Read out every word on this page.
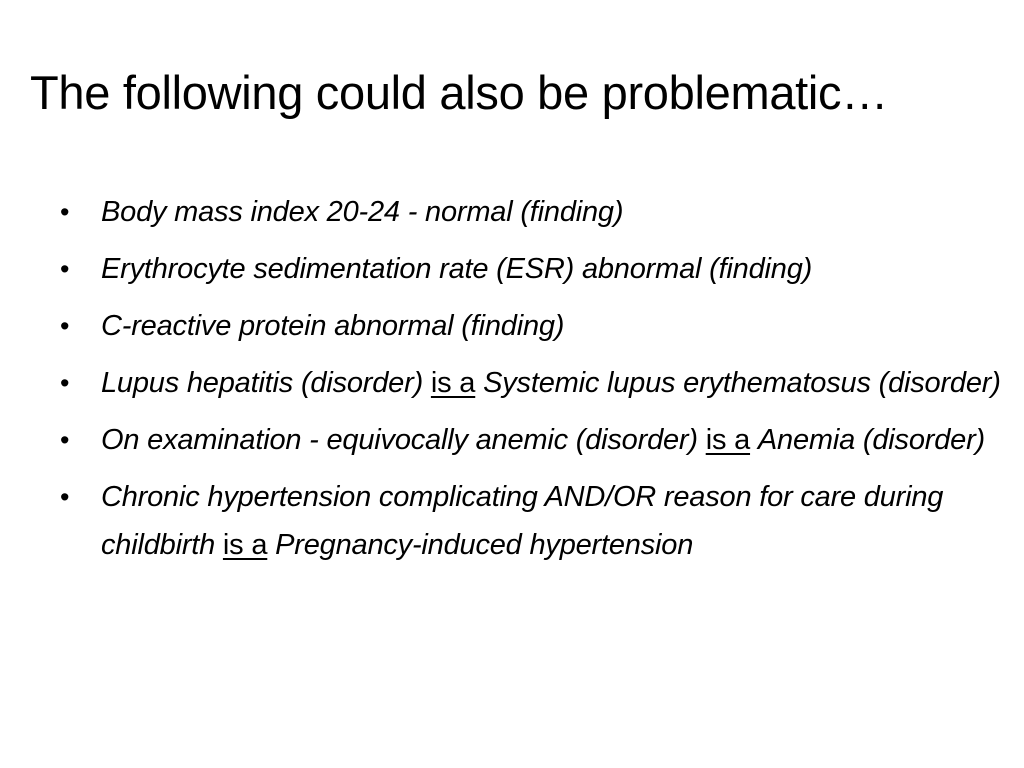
The following could also be problematic…
• Body mass index 20-24 - normal (finding)
• Erythrocyte sedimentation rate (ESR) abnormal (finding)
• C-reactive protein abnormal (finding)
• Lupus hepatitis (disorder) is a Systemic lupus erythematosus (disorder)
• On examination - equivocally anemic (disorder) is a Anemia (disorder)
• Chronic hypertension complicating AND/OR reason for care during childbirth is a Pregnancy-induced hypertension
